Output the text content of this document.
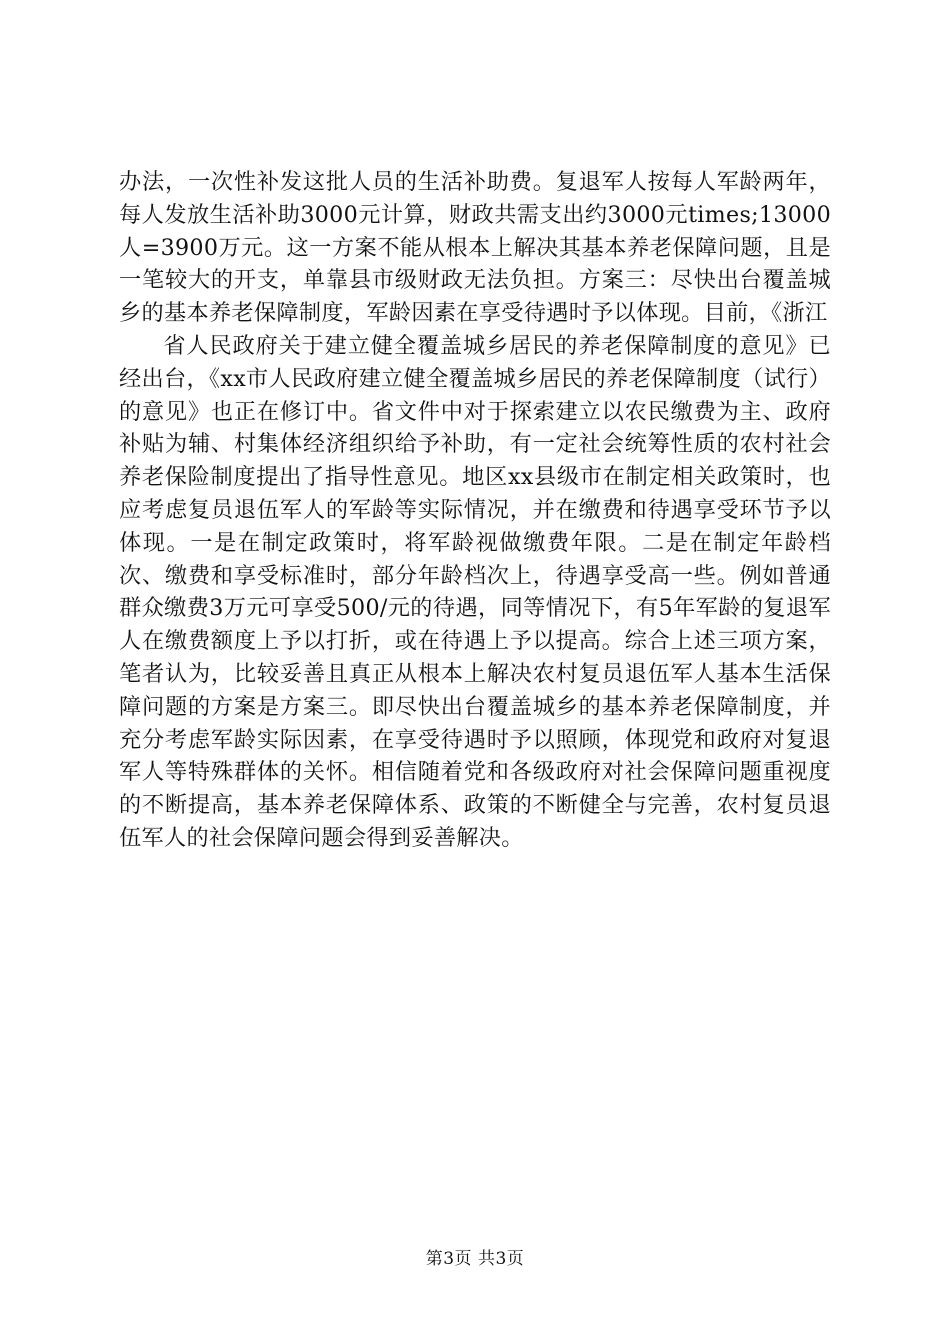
办法，一次性补发这批人员的生活补助费。复退军人按每人军龄两年，每人发放生活补助3000元计算，财政共需支出约3000元times;13000人=3900万元。这一方案不能从根本上解决其基本养老保障问题，且是一笔较大的开支，单靠县市级财政无法负担。方案三：尽快出台覆盖城乡的基本养老保障制度，军龄因素在享受待遇时予以体现。目前，《浙江

省人民政府关于建立健全覆盖城乡居民的养老保障制度的意见》已经出台，《xx市人民政府建立健全覆盖城乡居民的养老保障制度（试行）的意见》也正在修订中。省文件中对于探索建立以农民缴费为主、政府补贴为辅、村集体经济组织给予补助，有一定社会统筹性质的农村社会养老保险制度提出了指导性意见。地区xx县级市在制定相关政策时，也应考虑复员退伍军人的军龄等实际情况，并在缴费和待遇享受环节予以体现。一是在制定政策时，将军龄视做缴费年限。二是在制定年龄档次、缴费和享受标准时，部分年龄档次上，待遇享受高一些。例如普通群众缴费3万元可享受500/元的待遇，同等情况下，有5年军龄的复退军人在缴费额度上予以打折，或在待遇上予以提高。综合上述三项方案，笔者认为，比较妥善且真正从根本上解决农村复员退伍军人基本生活保障问题的方案是方案三。即尽快出台覆盖城乡的基本养老保障制度，并充分考虑军龄实际因素，在享受待遇时予以照顾，体现党和政府对复退军人等特殊群体的关怀。相信随着党和各级政府对社会保障问题重视度的不断提高，基本养老保障体系、政策的不断健全与完善，农村复员退伍军人的社会保障问题会得到妥善解决。

第3页 共3页
